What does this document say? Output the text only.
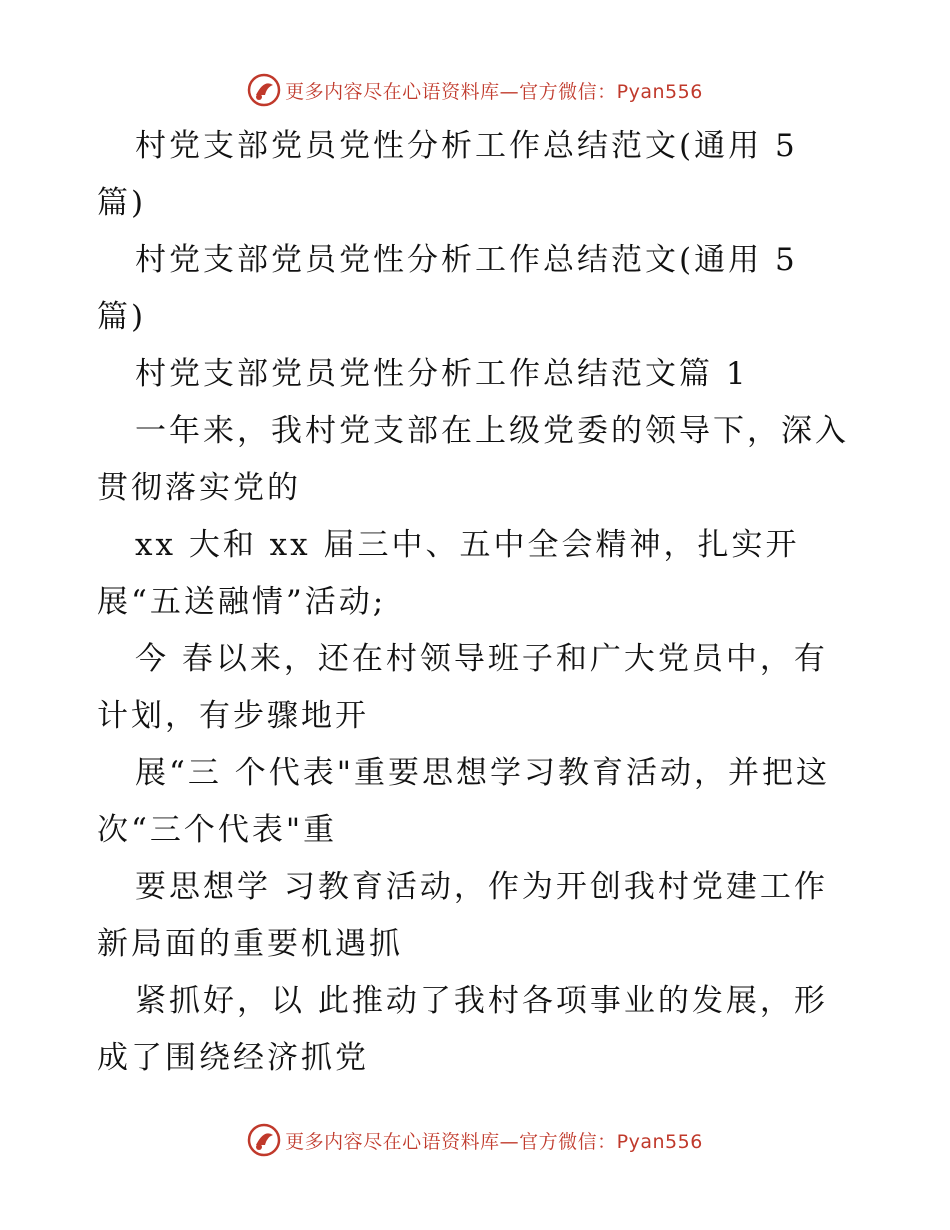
更多内容尽在心语资料库—官方微信：Pyan556

村党支部党员党性分析工作总结范文(通用 5 篇)

村党支部党员党性分析工作总结范文(通用 5 篇)

村党支部党员党性分析工作总结范文篇 1

一年来，我村党支部在上级党委的领导下，深入贯彻落实党的

xx 大和 xx 届三中、五中全会精神，扎实开展“五送融情”活动;

今 春以来，还在村领导班子和广大党员中，有计划，有步骤地开

展“三 个代表"重要思想学习教育活动，并把这次“三个代表"重

要思想学 习教育活动，作为开创我村党建工作新局面的重要机遇抓

紧抓好，以 此推动了我村各项事业的发展，形成了围绕经济抓党

更多内容尽在心语资料库—官方微信：Pyan556
